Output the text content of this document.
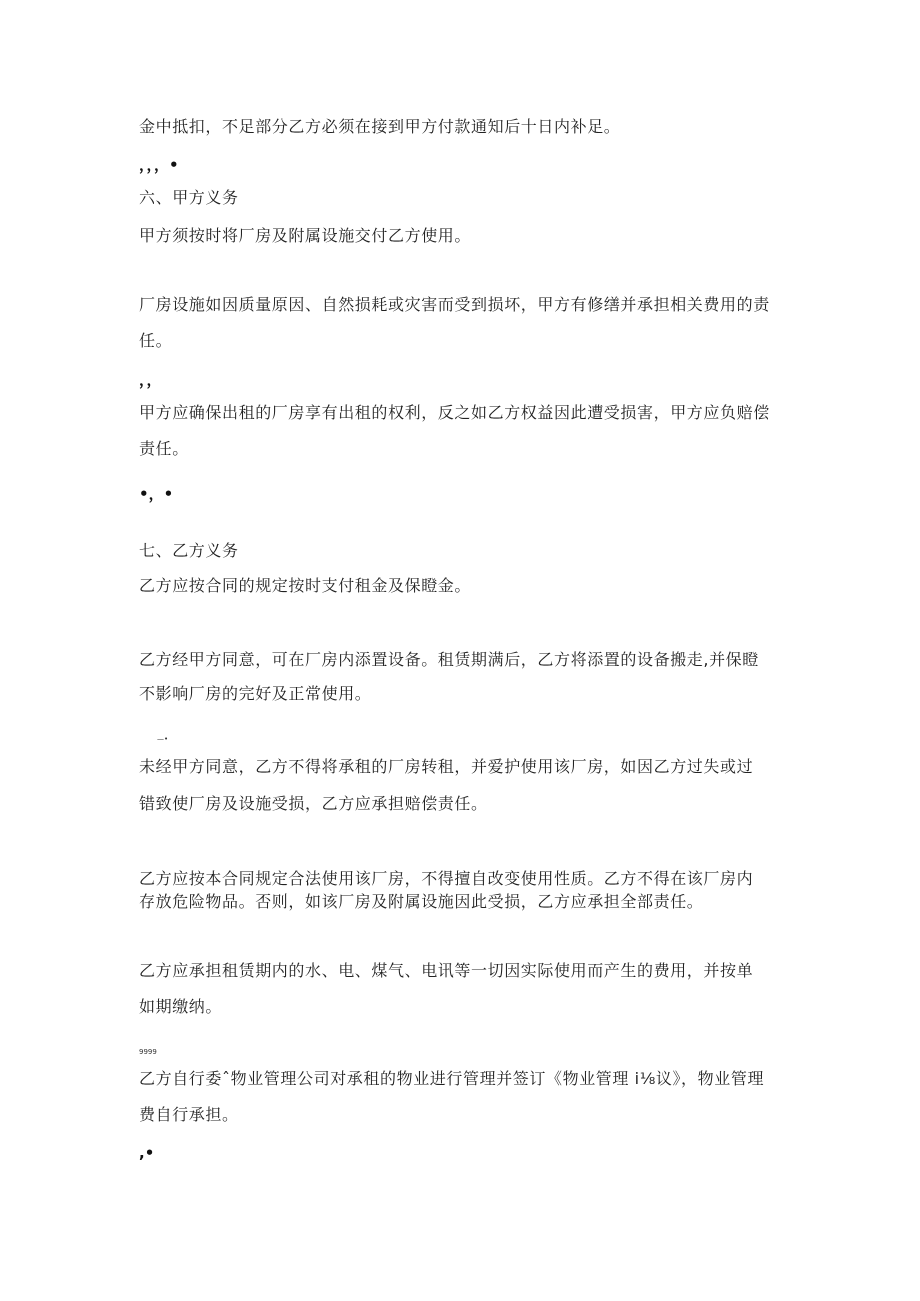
金中抵扣，不足部分乙方必须在接到甲方付款通知后十日内补足。
，，，•
六、甲方义务
甲方须按时将厂房及附属设施交付乙方使用。
厂房设施如因质量原因、自然损耗或灾害而受到损坏，甲方有修缮并承担相关费用的责
任。
，，
甲方应确保出租的厂房享有出租的权利，反之如乙方权益因此遭受损害，甲方应负赔偿
责任。
•，•
七、乙方义务
乙方应按合同的规定按时支付租金及保瞪金。
乙方经甲方同意，可在厂房内添置设备。租赁期满后，乙方将添置的设备搬走,并保瞪
不影响厂房的完好及正常使用。
—•
未经甲方同意，乙方不得将承租的厂房转租，并爱护使用该厂房，如因乙方过失或过
错致使厂房及设施受损，乙方应承担赔偿责任。
乙方应按本合同规定合法使用该厂房，不得擅自改变使用性质。乙方不得在该厂房内
存放危险物品。否则，如该厂房及附属设施因此受损，乙方应承担全部责任。
乙方应承担租赁期内的水、电、煤气、电讯等一切因实际使用而产生的费用，并按单
如期缴纳。
9999
乙方自行委ˆ物业管理公司对承租的物业进行管理并签订《物业管理 i⅛议》，物业管理
费自行承担。
,•
